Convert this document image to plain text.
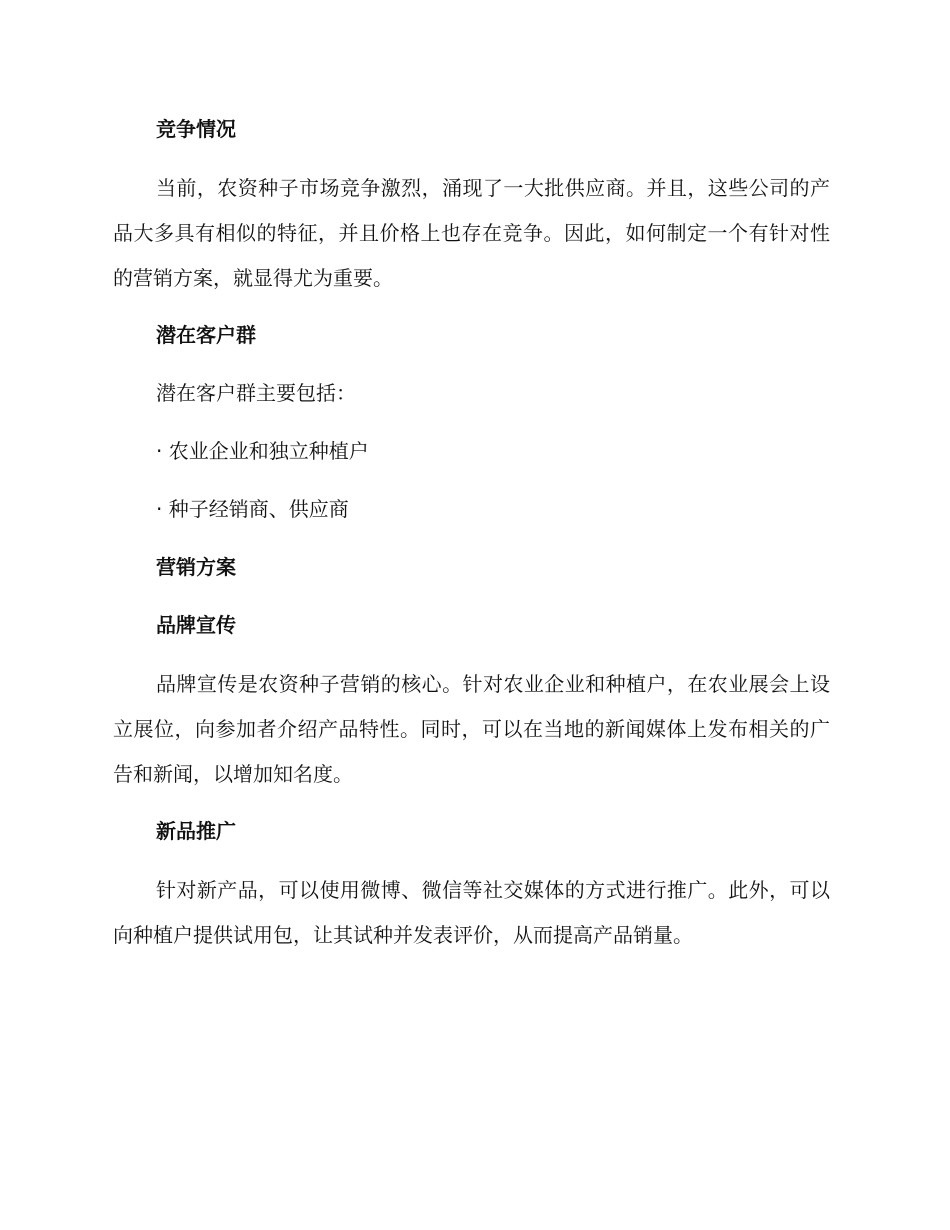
竞争情况
当前，农资种子市场竞争激烈，涌现了一大批供应商。并且，这些公司的产品大多具有相似的特征，并且价格上也存在竞争。因此，如何制定一个有针对性的营销方案，就显得尤为重要。
潜在客户群
潜在客户群主要包括：
· 农业企业和独立种植户
· 种子经销商、供应商
营销方案
品牌宣传
品牌宣传是农资种子营销的核心。针对农业企业和种植户，在农业展会上设立展位，向参加者介绍产品特性。同时，可以在当地的新闻媒体上发布相关的广告和新闻，以增加知名度。
新品推广
针对新产品，可以使用微博、微信等社交媒体的方式进行推广。此外，可以向种植户提供试用包，让其试种并发表评价，从而提高产品销量。
